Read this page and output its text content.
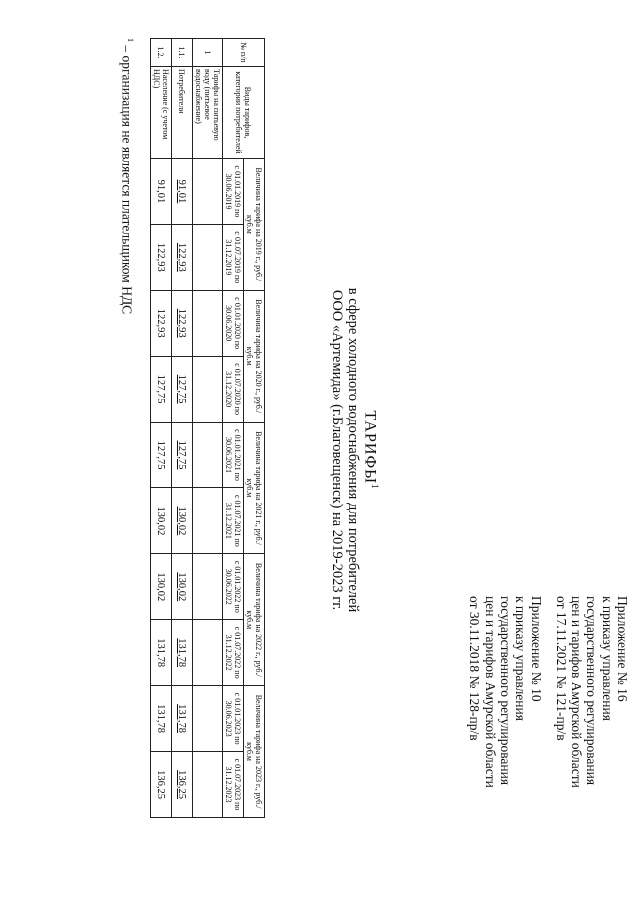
Приложение № 16
к приказу управления
государственного регулирования
цен и тарифов Амурской области
от 17.11.2021 № 121-пр/в
Приложение № 10
к приказу управления
государственного регулирования
цен и тарифов Амурской области
от 30.11.2018 № 128-пр/в
ТАРИФЫ$^1$
в сфере холодного водоснабжения для потребителей
ООО «Артемида» (г.Благовещенск) на 2019-2023 гг.
№ п/п	Виды тарифов, категории потребителей	Величина тарифа на 2019 г., руб./куб.м		Величина тарифа на 2020 г., руб./куб.м		Величина тарифа на 2021 г., руб./куб.м		Величина тарифа на 2022 г., руб./куб.м		Величина тарифа на 2023 г., руб./куб.м	
		с 01.01.2019 по 30.06.2019	с 01.07.2019 по 31.12.2019	с 01.01.2020 по 30.06.2020	с 01.07.2020 по 31.12.2020	с 01.01.2021 по 30.06.2021	с 01.07.2021 по 31.12.2021	с 01.01.2022 по 30.06.2022	с 01.07.2022 по 31.12.2022	с 01.01.2023 по 30.06.2023	с 01.07.2023 по 31.12.2023
1	Тарифы на питьевую воду (питьевое водоснабжение)										
1.1.	Потребители	91,01	122,93	122,93	127,75	127,75	130,02	130,02	131,78	131,78	136,25
1.2.	Население (с учетом НДС)	91,01	122,93	122,93	127,75	127,75	130,02	130,02	131,78	131,78	136,25
$^1$ – организация не является плательщиком НДС
